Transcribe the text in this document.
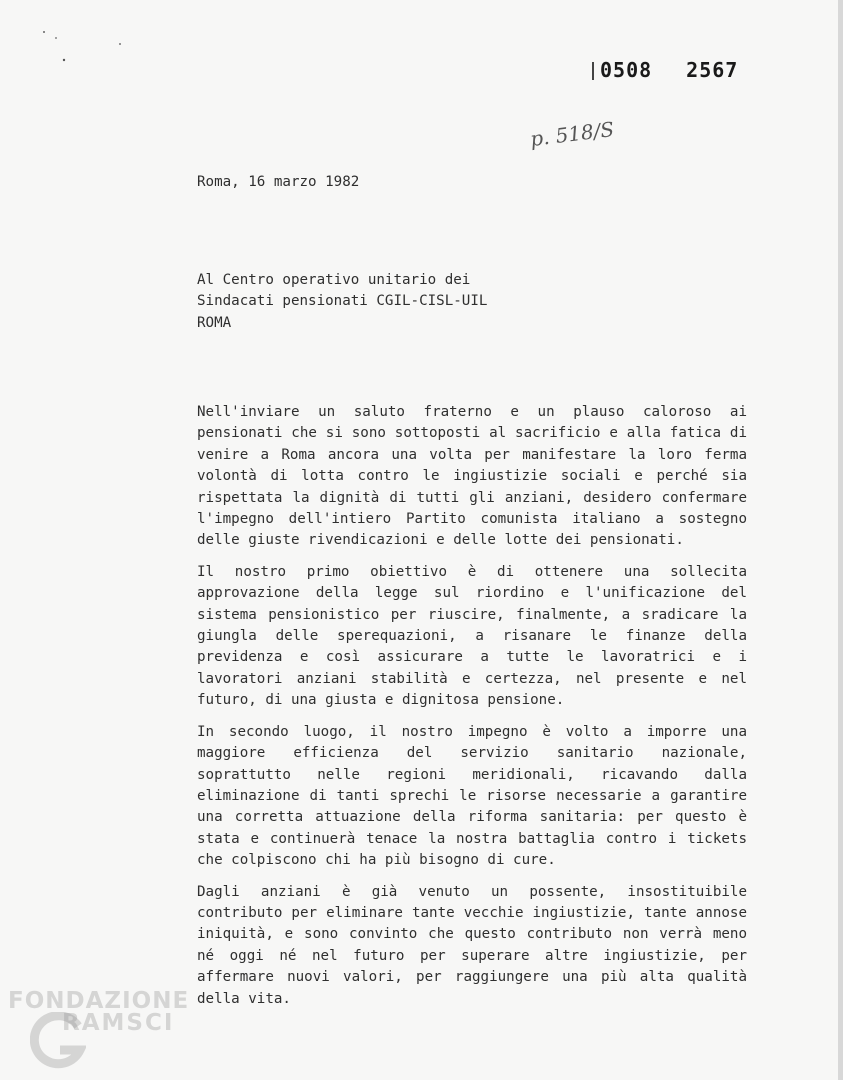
0508 2567
p. 518/S
Roma, 16 marzo 1982
Al Centro operativo unitario dei
Sindacati pensionati CGIL-CISL-UIL
ROMA

Nell'inviare un saluto fraterno e un plauso caloroso ai pensionati che si sono sottoposti al sacrificio e alla fatica di venire a Roma ancora una volta per manifestare la loro ferma volontà di lotta contro le ingiustizie sociali e perché sia rispettata la dignità di tutti gli anziani, desidero confermare l'impegno dell'intiero Partito comunista italiano a sostegno delle giuste rivendicazioni e delle lotte dei pensionati.

Il nostro primo obiettivo è di ottenere una sollecita approvazione della legge sul riordino e l'unificazione del sistema pensionistico per riuscire, finalmente, a sradicare la giungla delle sperequazioni, a risanare le finanze della previdenza e così assicurare a tutte le lavoratrici e i lavoratori anziani stabilità e certezza, nel presente e nel futuro, di una giusta e dignitosa pensione.

In secondo luogo, il nostro impegno è volto a imporre una maggiore efficienza del servizio sanitario nazionale, soprattutto nelle regioni meridionali, ricavando dalla eliminazione di tanti sprechi le risorse necessarie a garantire una corretta attuazione della riforma sanitaria: per questo è stata e continuerà tenace la nostra battaglia contro i tickets che colpiscono chi ha più bisogno di cure.

Dagli anziani è già venuto un possente, insostituibile contributo per eliminare tante vecchie ingiustizie, tante annose iniquità, e sono convinto che questo contributo non verrà meno né oggi né nel futuro per superare altre ingiustizie, per affermare nuovi valori, per raggiungere una più alta qualità della vita.

FONDAZIONE
RAMSCI
